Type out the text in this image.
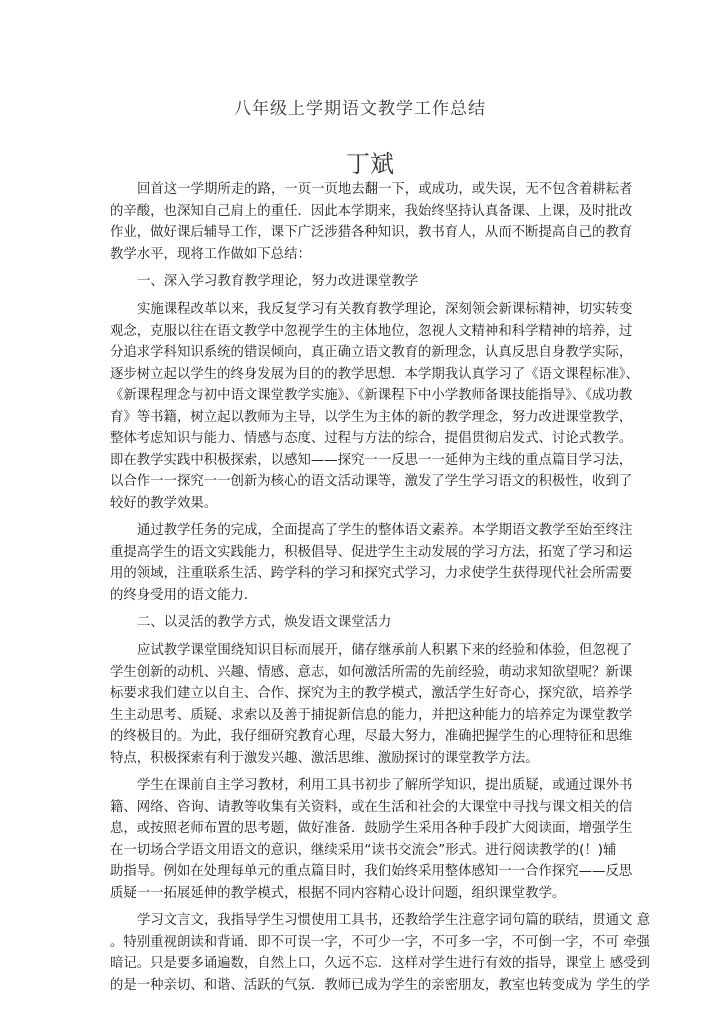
八年级上学期语文教学工作总结
丁斌
回首这一学期所走的路，一页一页地去翻一下，或成功，或失误，无不包含着耕耘者
的辛酸，也深知自己肩上的重任．因此本学期来，我始终坚持认真备课、上课，及时批改
作业，做好课后辅导工作，课下广泛涉猎各种知识，教书育人，从而不断提高自己的教育
教学水平，现将工作做如下总结：
一、深入学习教育教学理论，努力改进课堂教学
实施课程改革以来，我反复学习有关教育教学理论，深刻领会新课标精神，切实转变
观念，克服以往在语文教学中忽视学生的主体地位，忽视人文精神和科学精神的培养，过
分追求学科知识系统的错误倾向，真正确立语文教育的新理念，认真反思自身教学实际，
逐步树立起以学生的终身发展为目的的教学思想．本学期我认真学习了《语文课程标准》、
《新课程理念与初中语文课堂教学实施》、《新课程下中小学教师备课技能指导》、《成功教
育》等书籍，树立起以教师为主导，以学生为主体的新的教学理念，努力改进课堂教学，
整体考虑知识与能力、情感与态度、过程与方法的综合，提倡贯彻启发式、讨论式教学。
即在教学实践中积极探索，以感知——探究一一反思一一延伸为主线的重点篇目学习法，
以合作一一探究一一创新为核心的语文活动课等，激发了学生学习语文的积极性，收到了
较好的教学效果。
通过教学任务的完成，全面提高了学生的整体语文素养。本学期语文教学至始至终注
重提高学生的语文实践能力，积极倡导、促进学生主动发展的学习方法，拓宽了学习和运
用的领域，注重联系生活、跨学科的学习和探究式学习，力求使学生获得现代社会所需要
的终身受用的语文能力．
二、以灵活的教学方式，焕发语文课堂活力
应试教学课堂围绕知识目标而展开，储存继承前人积累下来的经验和体验，但忽视了
学生创新的动机、兴趣、情感、意志，如何激活所需的先前经验，萌动求知欲望呢？新课
标要求我们建立以自主、合作、探究为主的教学模式，激活学生好奇心，探究欲，培养学
生主动思考、质疑、求索以及善于捕捉新信息的能力，并把这种能力的培养定为课堂教学
的终极目的。为此，我仔细研究教育心理，尽最大努力，准确把握学生的心理特征和思维
特点，积极探索有利于激发兴趣、激活思维、激励探讨的课堂教学方法。
学生在课前自主学习教材，利用工具书初步了解所学知识，提出质疑，或通过课外书
籍、网络、咨询、请教等收集有关资料，或在生活和社会的大课堂中寻找与课文相关的信
息，或按照老师布置的思考题，做好准备．鼓励学生采用各种手段扩大阅读面，增强学生
在一切场合学语文用语文的意识，继续采用“读书交流会”形式。进行阅读教学的(！)辅
助指导。例如在处理每单元的重点篇目时，我们始终采用整体感知一一合作探究——反思
质疑一一拓展延伸的教学模式，根据不同内容精心设计问题，组织课堂教学。
学习文言文，我指导学生习惯使用工具书，还教给学生注意字词句篇的联结，贯通文 意
。特别重视朗读和背诵．即不可误一字，不可少一字，不可多一字，不可倒一字，不可 牵强
暗记。只是要多诵遍数，自然上口，久远不忘．这样对学生进行有效的指导，课堂上 感受到
的是一种亲切、和谐、活跃的气氛．教师已成为学生的亲密朋友，教室也转变成为 学生的学
